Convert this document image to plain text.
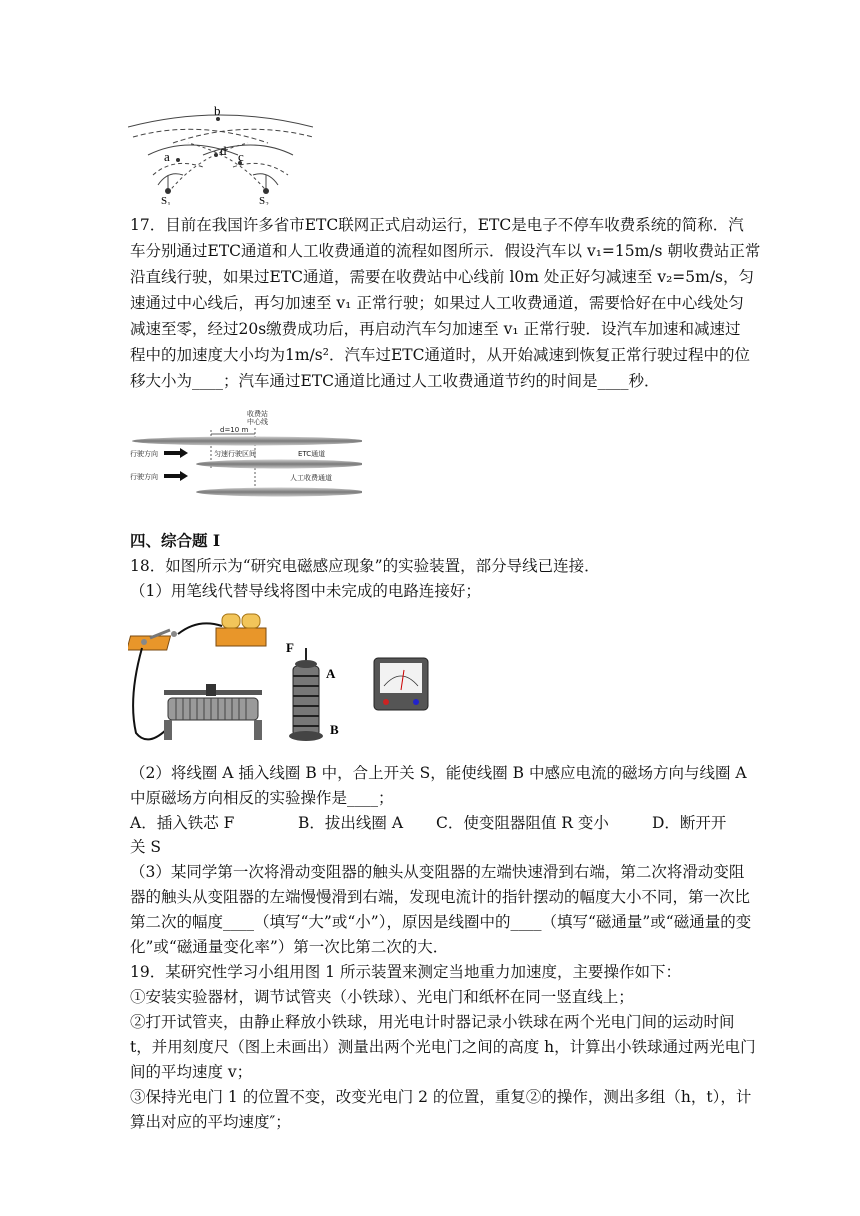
b
a	d c
S₁	S₂
17．目前在我国许多省市ETC联网正式启动运行，ETC是电子不停车收费系统的简称．汽
车分别通过ETC通道和人工收费通道的流程如图所示．假设汽车以 v₁=15m/s 朝收费站正常
沿直线行驶，如果过ETC通道，需要在收费站中心线前 l0m 处正好匀减速至 v₂=5m/s，匀
速通过中心线后，再匀加速至 v₁ 正常行驶；如果过人工收费通道，需要恰好在中心线处匀
减速至零，经过20s缴费成功后，再启动汽车匀加速至 v₁ 正常行驶．设汽车加速和减速过
程中的加速度大小均为1m/s²．汽车过ETC通道时，从开始减速到恢复正常行驶过程中的位
移大小为____；汽车通过ETC通道比通过人工收费通道节约的时间是____秒．
收费站
中心线
d=10 m
行驶方向	匀速行驶区间	ETC通道
行驶方向	人工收费通道
四、综合题 I
18．如图所示为“研究电磁感应现象”的实验装置，部分导线已连接．
（1）用笔线代替导线将图中未完成的电路连接好；
F
A
B
（2）将线圈 A 插入线圈 B 中，合上开关 S，能使线圈 B 中感应电流的磁场方向与线圈 A
中原磁场方向相反的实验操作是____；
A．插入铁芯 F	B．拔出线圈 A C．使变阻器阻值 R 变小	D．断开开
关 S
（3）某同学第一次将滑动变阻器的触头从变阻器的左端快速滑到右端，第二次将滑动变阻
器的触头从变阻器的左端慢慢滑到右端，发现电流计的指针摆动的幅度大小不同，第一次比
第二次的幅度____（填写“大”或“小”），原因是线圈中的____（填写“磁通量”或“磁通量的变
化”或“磁通量变化率”）第一次比第二次的大．
19．某研究性学习小组用图 1 所示装置来测定当地重力加速度，主要操作如下：
①安装实验器材，调节试管夹（小铁球）、光电门和纸杯在同一竖直线上；
②打开试管夹，由静止释放小铁球，用光电计时器记录小铁球在两个光电门间的运动时间
t，并用刻度尺（图上未画出）测量出两个光电门之间的高度 h，计算出小铁球通过两光电门
间的平均速度 v；
③保持光电门 1 的位置不变，改变光电门 2 的位置，重复②的操作，测出多组（h，t），计
算出对应的平均速度″；
